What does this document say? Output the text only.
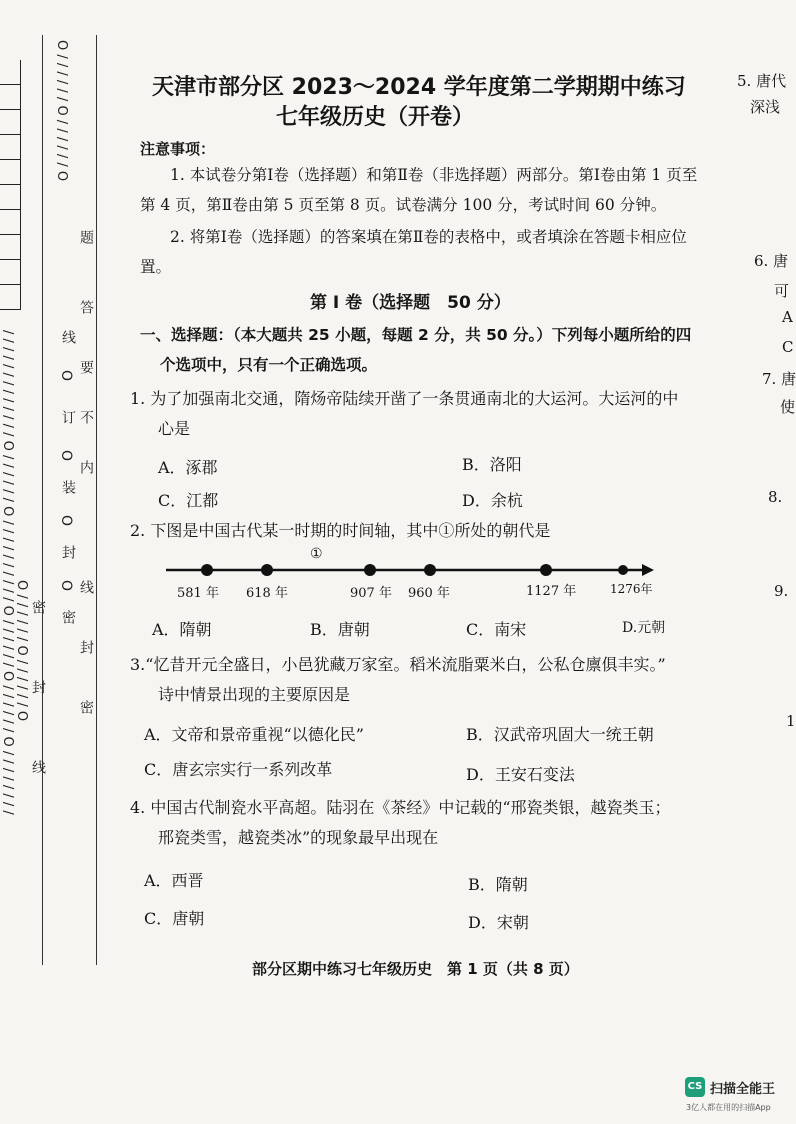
/ / / / / / / / / / / / / O / / / / / / O / / / / / / / / / / O / / / / / / O / / / / / / O / / / / / / / /
O / / / / / / O / / / / / / O
O / / / / / / O / / / / / / O 密
封
线
线
O
订
O
装
O
封
O
密
题
答
要
不
内
线
封
密
天津市部分区 2023～2024 学年度第二学期期中练习
七年级历史（开卷）
注意事项：
1. 本试卷分第Ⅰ卷（选择题）和第Ⅱ卷（非选择题）两部分。第Ⅰ卷由第 1 页至第 4 页，第Ⅱ卷由第 5 页至第 8 页。试卷满分 100 分，考试时间 60 分钟。
2. 将第Ⅰ卷（选择题）的答案填在第Ⅱ卷的表格中，或者填涂在答题卡相应位置。
第 Ⅰ 卷（选择题　50 分）
一、选择题：（本大题共 25 小题，每题 2 分，共 50 分。）下列每小题所给的四
个选项中，只有一个正确选项。
1. 为了加强南北交通，隋炀帝陆续开凿了一条贯通南北的大运河。大运河的中
心是
A．涿郡	B．洛阳
C．江都	D．余杭
2. 下图是中国古代某一时期的时间轴，其中①所处的朝代是
①
581 年 618 年	907 年 960 年	1127 年	1276年
A．隋朝	B．唐朝	C．南宋	D.元朝
3.“忆昔开元全盛日，小邑犹藏万家室。稻米流脂粟米白，公私仓廪俱丰实。”
诗中情景出现的主要原因是
A．文帝和景帝重视“以德化民”	B．汉武帝巩固大一统王朝
C．唐玄宗实行一系列改革	D．王安石变法
4. 中国古代制瓷水平高超。陆羽在《茶经》中记载的“邢瓷类银，越瓷类玉；
邢瓷类雪，越瓷类冰”的现象最早出现在
A．西晋	B．隋朝
C．唐朝	D．宋朝
部分区期中练习七年级历史　第 1 页（共 8 页）
5. 唐代
深浅
6. 唐
可
A
C
7. 唐
使
8.
9.
1
CS 扫描全能王
3亿人都在用的扫描App
